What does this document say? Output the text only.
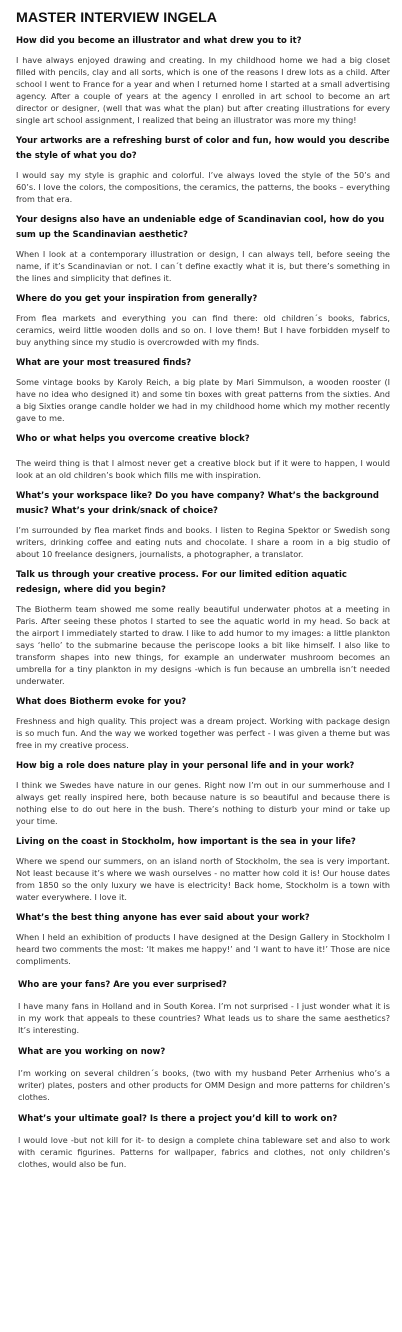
MASTER INTERVIEW INGELA

How did you become an illustrator and what drew you to it?

I have always enjoyed drawing and creating. In my childhood home we had a big closet filled with pencils, clay and all sorts, which is one of the reasons I drew lots as a child. After school I went to France for a year and when I returned home I started at a small advertising agency. After a couple of years at the agency I enrolled in art school to become an art director or designer, (well that was what the plan) but after creating illustrations for every single art school assignment, I realized that being an illustrator was more my thing!

Your artworks are a refreshing burst of color and fun, how would you describe the style of what you do?

I would say my style is graphic and colorful. I’ve always loved the style of the 50’s and 60’s. I love the colors, the compositions, the ceramics, the patterns, the books – everything from that era.

Your designs also have an undeniable edge of Scandinavian cool, how do you sum up the Scandinavian aesthetic?

When I look at a contemporary illustration or design, I can always tell, before seeing the name, if it’s Scandinavian or not. I can´t define exactly what it is, but there’s something in the lines and simplicity that defines it.

Where do you get your inspiration from generally?

From flea markets and everything you can find there: old children´s books, fabrics, ceramics, weird little wooden dolls and so on. I love them! But I have forbidden myself to buy anything since my studio is overcrowded with my finds.

What are your most treasured finds?

Some vintage books by Karoly Reich, a big plate by Mari Simmulson, a wooden rooster (I have no idea who designed it) and some tin boxes with great patterns from the sixties. And a big Sixties orange candle holder we had in my childhood home which my mother recently gave to me.

Who or what helps you overcome creative block?

The weird thing is that I almost never get a creative block but if it were to happen, I would look at an old children’s book which fills me with inspiration.

What’s your workspace like? Do you have company? What’s the background music? What’s your drink/snack of choice?

I’m surrounded by flea market finds and books. I listen to Regina Spektor or Swedish song writers, drinking coffee and eating nuts and chocolate. I share a room in a big studio of about 10 freelance designers, journalists, a photographer, a translator.

Talk us through your creative process. For our limited edition aquatic redesign, where did you begin?

The Biotherm team showed me some really beautiful underwater photos at a meeting in Paris. After seeing these photos I started to see the aquatic world in my head. So back at the airport I immediately started to draw. I like to add humor to my images: a little plankton says ‘hello’ to the submarine because the periscope looks a bit like himself. I also like to transform shapes into new things, for example an underwater mushroom becomes an umbrella for a tiny plankton in my designs -which is fun because an umbrella isn’t needed underwater.

What does Biotherm evoke for you?

Freshness and high quality. This project was a dream project. Working with package design is so much fun. And the way we worked together was perfect - I was given a theme but was free in my creative process.

How big a role does nature play in your personal life and in your work?

I think we Swedes have nature in our genes. Right now I’m out in our summerhouse and I always get really inspired here, both because nature is so beautiful and because there is nothing else to do out here in the bush. There’s nothing to disturb your mind or take up your time.

Living on the coast in Stockholm, how important is the sea in your life?

Where we spend our summers, on an island north of Stockholm, the sea is very important. Not least because it’s where we wash ourselves - no matter how cold it is! Our house dates from 1850 so the only luxury we have is electricity! Back home, Stockholm is a town with water everywhere. I love it.

What’s the best thing anyone has ever said about your work?

When I held an exhibition of products I have designed at the Design Gallery in Stockholm I heard two comments the most: ‘It makes me happy!’ and ‘I want to have it!’ Those are nice compliments.

Who are your fans? Are you ever surprised?

I have many fans in Holland and in South Korea. I’m not surprised - I just wonder what it is in my work that appeals to these countries? What leads us to share the same aesthetics? It’s interesting.

What are you working on now?

I’m working on several children´s books, (two with my husband Peter Arrhenius who’s a writer) plates, posters and other products for OMM Design and more patterns for children’s clothes.

What’s your ultimate goal? Is there a project you’d kill to work on?

I would love -but not kill for it- to design a complete china tableware set and also to work with ceramic figurines. Patterns for wallpaper, fabrics and clothes, not only children’s clothes, would also be fun.
